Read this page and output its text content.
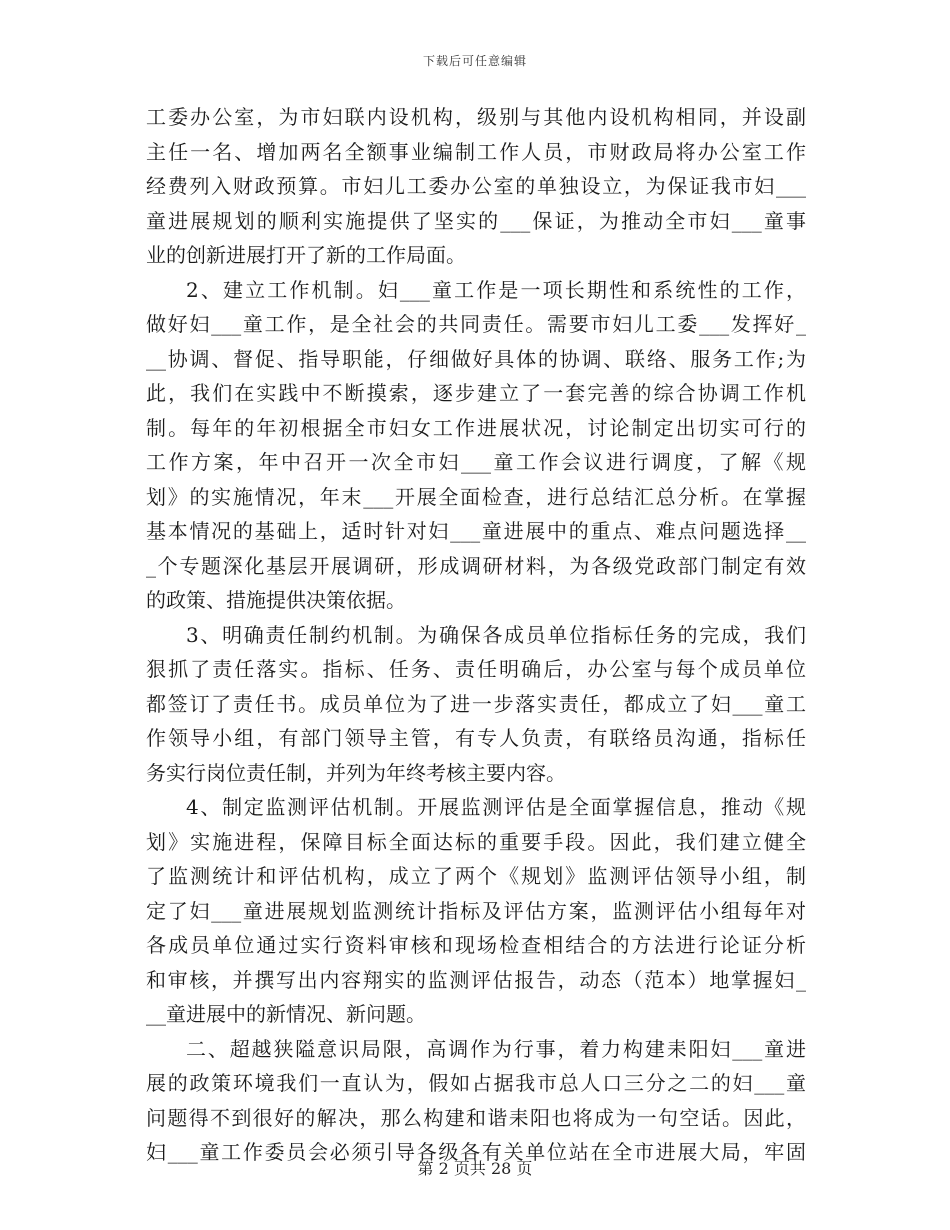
下载后可任意编辑
工委办公室，为市妇联内设机构，级别与其他内设机构相同，并设副
主任一名、增加两名全额事业编制工作人员，市财政局将办公室工作
经费列入财政预算。市妇儿工委办公室的单独设立，为保证我市妇___
童进展规划的顺利实施提供了坚实的___保证，为推动全市妇___童事
业的创新进展打开了新的工作局面。
2、建立工作机制。妇___童工作是一项长期性和系统性的工作，
做好妇___童工作，是全社会的共同责任。需要市妇儿工委___发挥好_
__协调、督促、指导职能，仔细做好具体的协调、联络、服务工作;为
此，我们在实践中不断摸索，逐步建立了一套完善的综合协调工作机
制。每年的年初根据全市妇女工作进展状况，讨论制定出切实可行的
工作方案，年中召开一次全市妇___童工作会议进行调度，了解《规
划》的实施情况，年末___开展全面检查，进行总结汇总分析。在掌握
基本情况的基础上，适时针对妇___童进展中的重点、难点问题选择__
_个专题深化基层开展调研，形成调研材料，为各级党政部门制定有效
的政策、措施提供决策依据。
3、明确责任制约机制。为确保各成员单位指标任务的完成，我们
狠抓了责任落实。指标、任务、责任明确后，办公室与每个成员单位
都签订了责任书。成员单位为了进一步落实责任，都成立了妇___童工
作领导小组，有部门领导主管，有专人负责，有联络员沟通，指标任
务实行岗位责任制，并列为年终考核主要内容。
4、制定监测评估机制。开展监测评估是全面掌握信息，推动《规
划》实施进程，保障目标全面达标的重要手段。因此，我们建立健全
了监测统计和评估机构，成立了两个《规划》监测评估领导小组，制
定了妇___童进展规划监测统计指标及评估方案，监测评估小组每年对
各成员单位通过实行资料审核和现场检查相结合的方法进行论证分析
和审核，并撰写出内容翔实的监测评估报告，动态（范本）地掌握妇_
__童进展中的新情况、新问题。
二、超越狭隘意识局限，高调作为行事，着力构建耒阳妇___童进
展的政策环境我们一直认为，假如占据我市总人口三分之二的妇___童
问题得不到很好的解决，那么构建和谐耒阳也将成为一句空话。因此，
妇___童工作委员会必须引导各级各有关单位站在全市进展大局，牢固
第 2 页共 28 页
